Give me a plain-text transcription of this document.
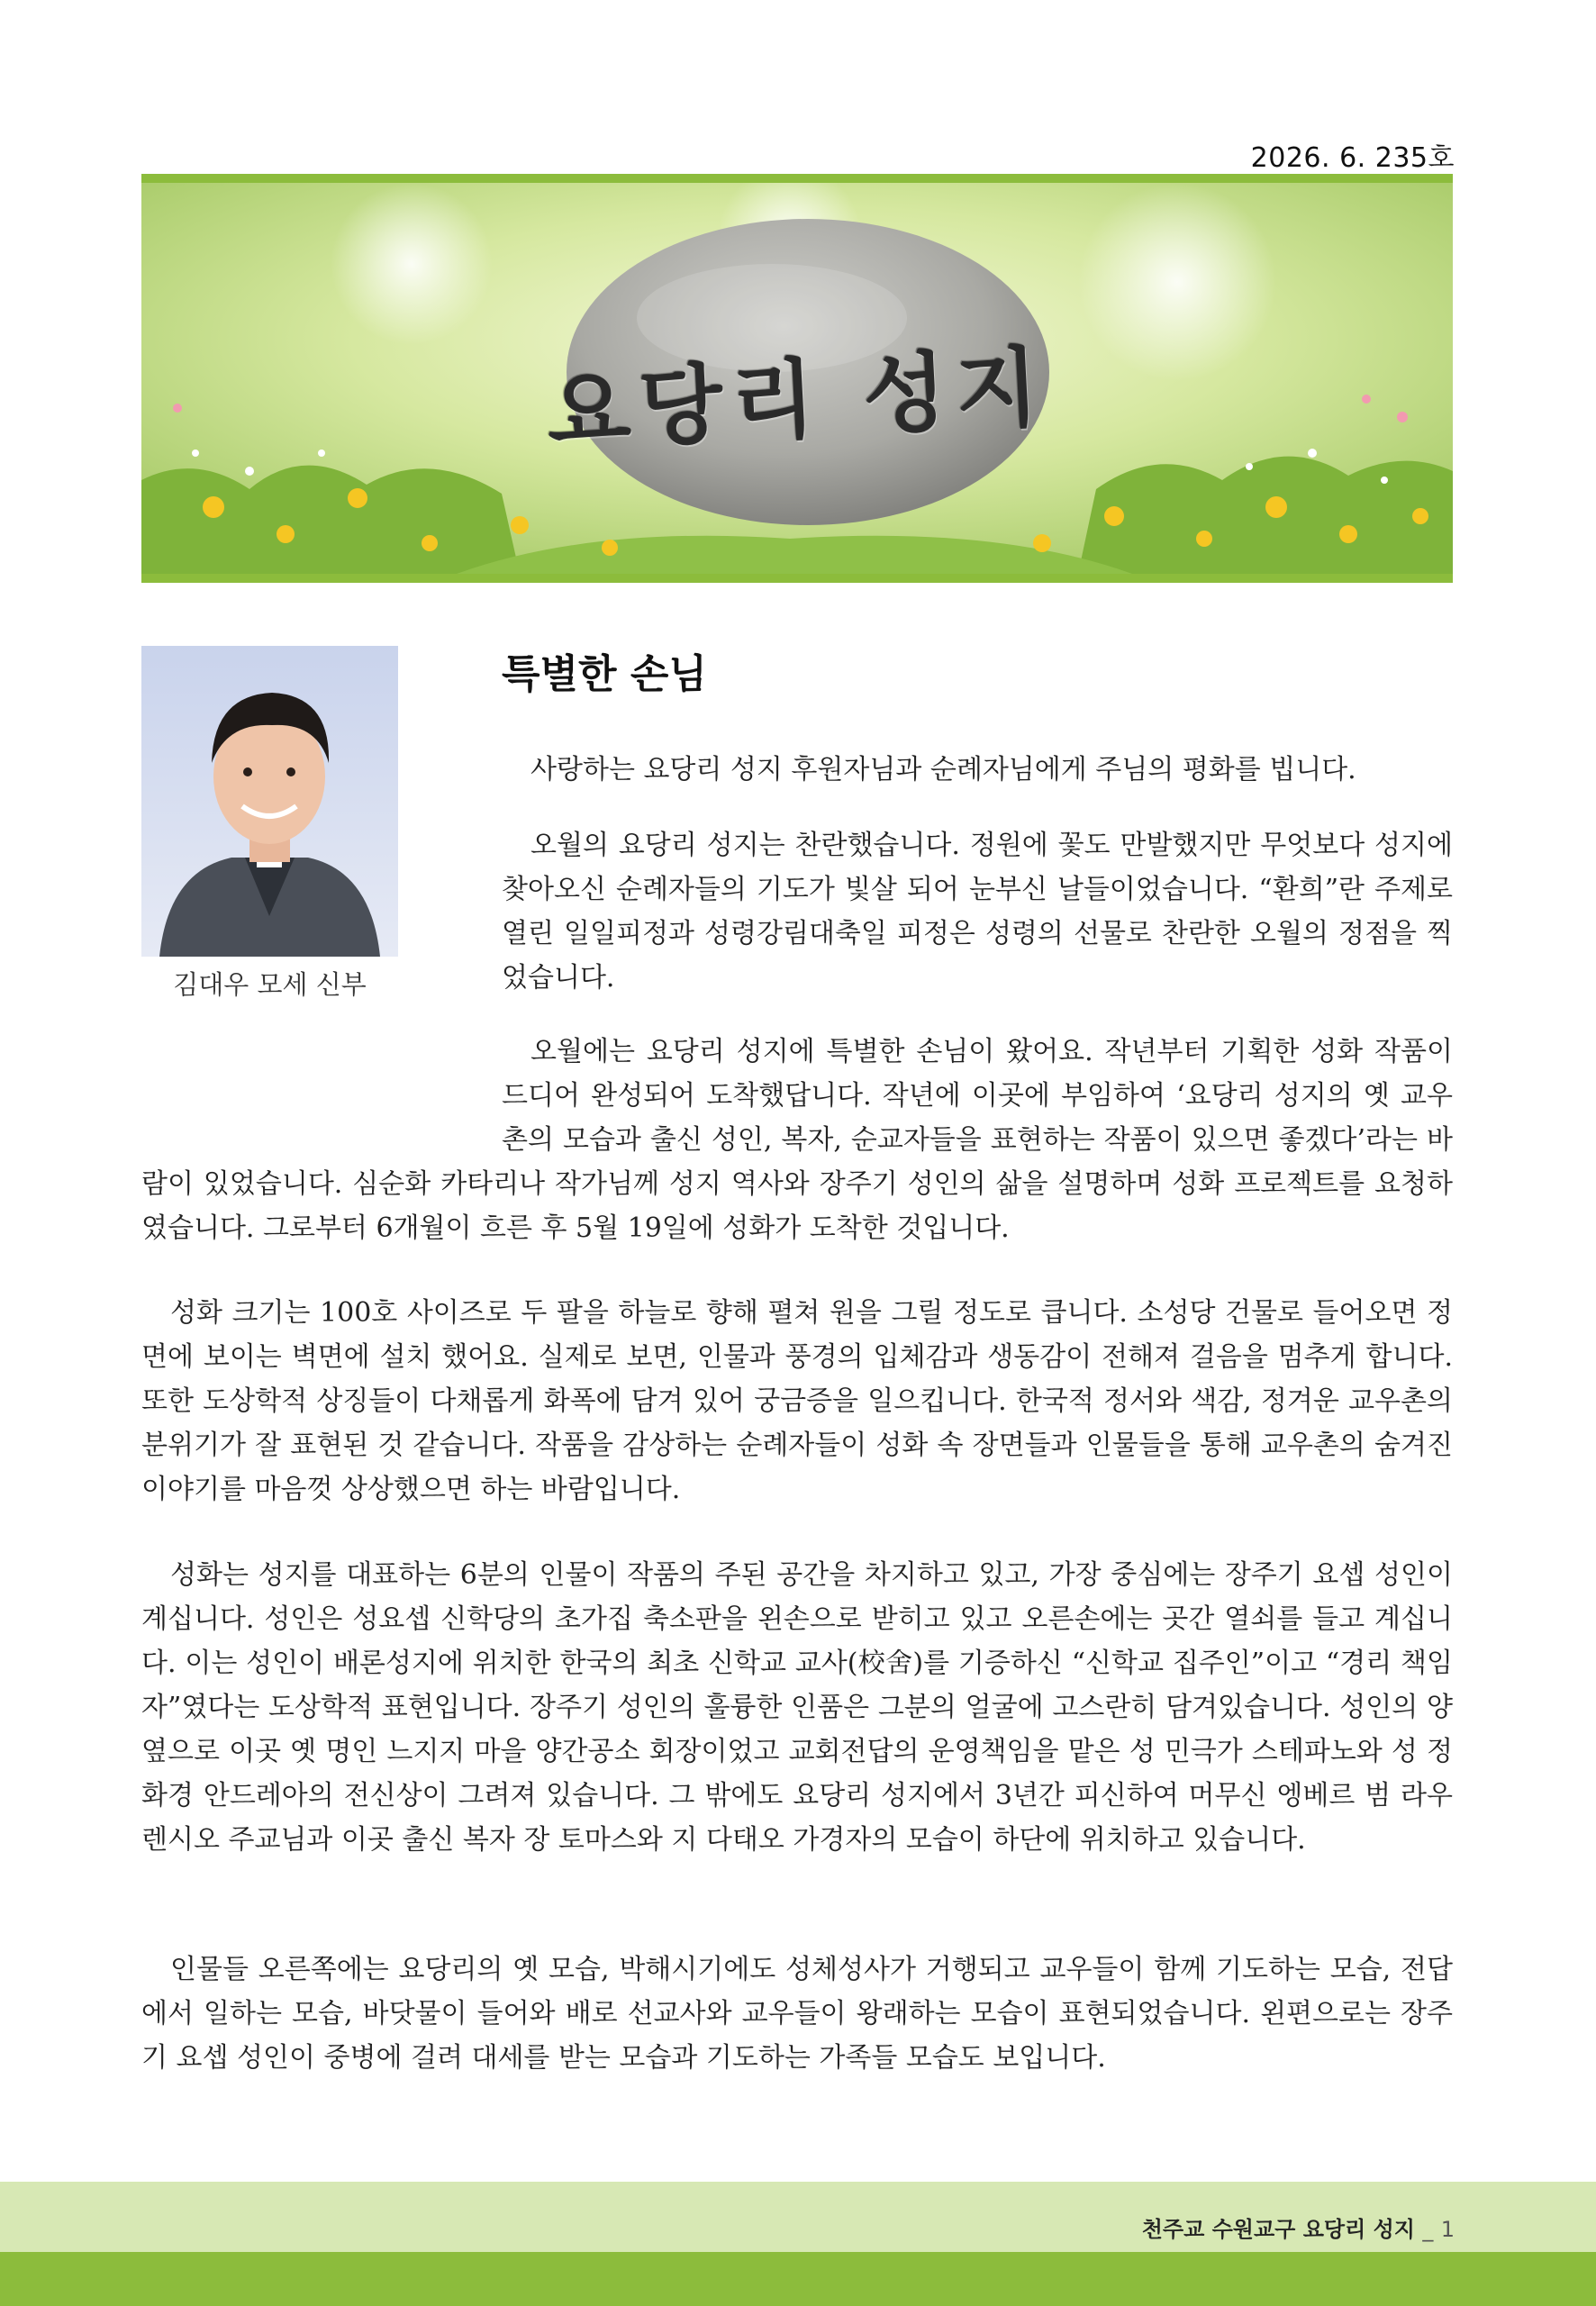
2026. 6. 235호
요당리 성지
김대우 모세 신부
특별한 손님

사랑하는 요당리 성지 후원자님과 순례자님에게 주님의 평화를 빕니다.

오월의 요당리 성지는 찬란했습니다. 정원에 꽃도 만발했지만 무엇보다 성지에 찾아오신 순례자들의 기도가 빛살 되어 눈부신 날들이었습니다. “환희”란 주제로 열린 일일피정과 성령강림대축일 피정은 성령의 선물로 찬란한 오월의 정점을 찍었습니다.

오월에는 요당리 성지에 특별한 손님이 왔어요. 작년부터 기획한 성화 작품이 드디어 완성되어 도착했답니다. 작년에 이곳에 부임하여 ‘요당리 성지의 옛 교우촌의 모습과 출신 성인, 복자, 순교자들을 표현하는 작품이 있으면 좋겠다’라는 바람이 있었습니다. 심순화 카타리나 작가님께 성지 역사와 장주기 성인의 삶을 설명하며 성화 프로젝트를 요청하였습니다. 그로부터 6개월이 흐른 후 5월 19일에 성화가 도착한 것입니다.

성화 크기는 100호 사이즈로 두 팔을 하늘로 향해 펼쳐 원을 그릴 정도로 큽니다. 소성당 건물로 들어오면 정면에 보이는 벽면에 설치 했어요. 실제로 보면, 인물과 풍경의 입체감과 생동감이 전해져 걸음을 멈추게 합니다. 또한 도상학적 상징들이 다채롭게 화폭에 담겨 있어 궁금증을 일으킵니다. 한국적 정서와 색감, 정겨운 교우촌의 분위기가 잘 표현된 것 같습니다. 작품을 감상하는 순례자들이 성화 속 장면들과 인물들을 통해 교우촌의 숨겨진 이야기를 마음껏 상상했으면 하는 바람입니다.

성화는 성지를 대표하는 6분의 인물이 작품의 주된 공간을 차지하고 있고, 가장 중심에는 장주기 요셉 성인이 계십니다. 성인은 성요셉 신학당의 초가집 축소판을 왼손으로 받히고 있고 오른손에는 곳간 열쇠를 들고 계십니다. 이는 성인이 배론성지에 위치한 한국의 최초 신학교 교사(校舍)를 기증하신 “신학교 집주인”이고 “경리 책임자”였다는 도상학적 표현입니다. 장주기 성인의 훌륭한 인품은 그분의 얼굴에 고스란히 담겨있습니다. 성인의 양 옆으로 이곳 옛 명인 느지지 마을 양간공소 회장이었고 교회전답의 운영책임을 맡은 성 민극가 스테파노와 성 정화경 안드레아의 전신상이 그려져 있습니다. 그 밖에도 요당리 성지에서 3년간 피신하여 머무신 엥베르 범 라우렌시오 주교님과 이곳 출신 복자 장 토마스와 지 다태오 가경자의 모습이 하단에 위치하고 있습니다.

인물들 오른쪽에는 요당리의 옛 모습, 박해시기에도 성체성사가 거행되고 교우들이 함께 기도하는 모습, 전답에서 일하는 모습, 바닷물이 들어와 배로 선교사와 교우들이 왕래하는 모습이 표현되었습니다. 왼편으로는 장주기 요셉 성인이 중병에 걸려 대세를 받는 모습과 기도하는 가족들 모습도 보입니다.

천주교 수원교구 요당리 성지 _ 1
